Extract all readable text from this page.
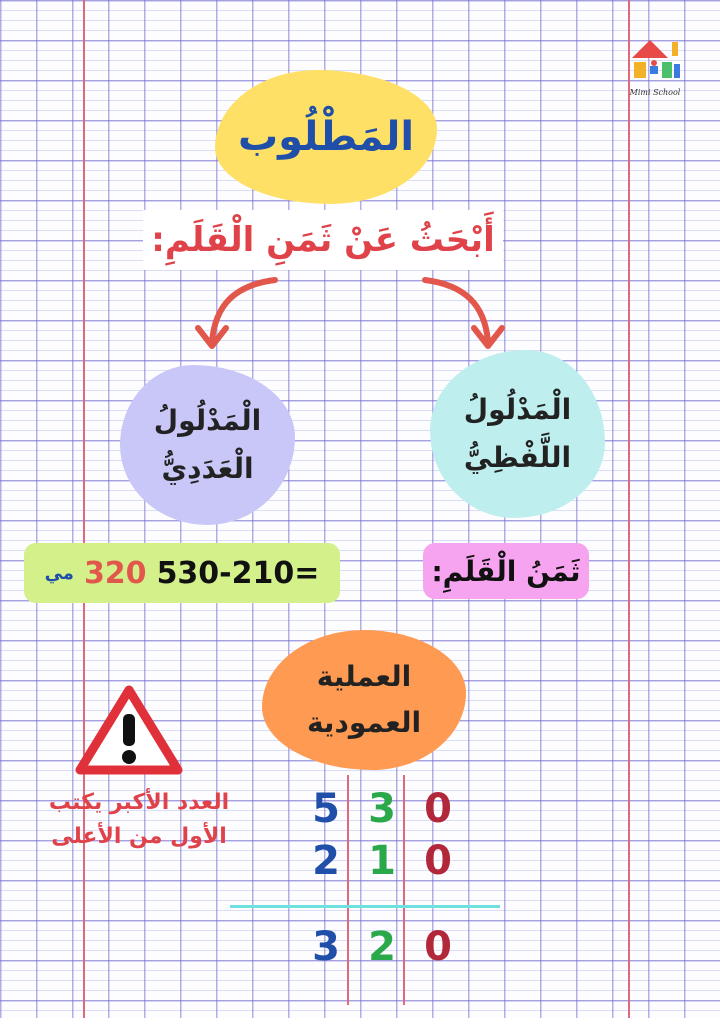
Mimi School
المَطْلُوب
أَبْحَثُ عَنْ ثَمَنِ الْقَلَمِ:
الْمَدْلُولُ
الْعَدَدِيُّ
الْمَدْلُولُ
اللَّفْظِيُّ
مي 320 530-210=	ثَمَنُ الْقَلَمِ:
العملية
العمودية
العدد الأكبر يكتب
الأول من الأعلى
5 3 0
2 1 0
3 2 0
